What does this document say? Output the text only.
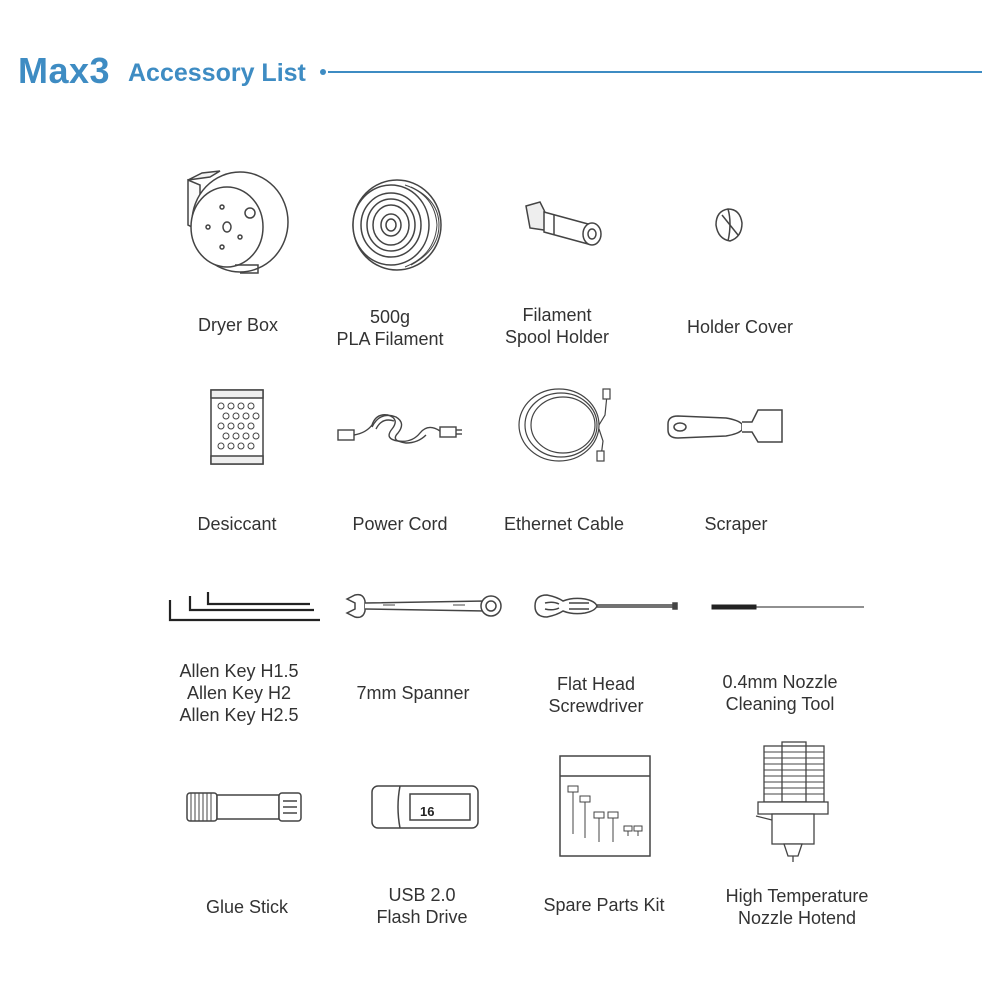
Max3 Accessory List
Dryer Box	500g
PLA Filament
Filament
Spool Holder	Holder Cover
Desiccant	Power Cord	Ethernet Cable	Scraper
Allen Key H1.5
Allen Key H2
Allen Key H2.5
7mm Spanner	Flat Head
Screwdriver
0.4mm Nozzle
Cleaning Tool
Glue Stick
16
USB 2.0
Flash Drive
Spare Parts Kit	High Temperature
Nozzle Hotend
